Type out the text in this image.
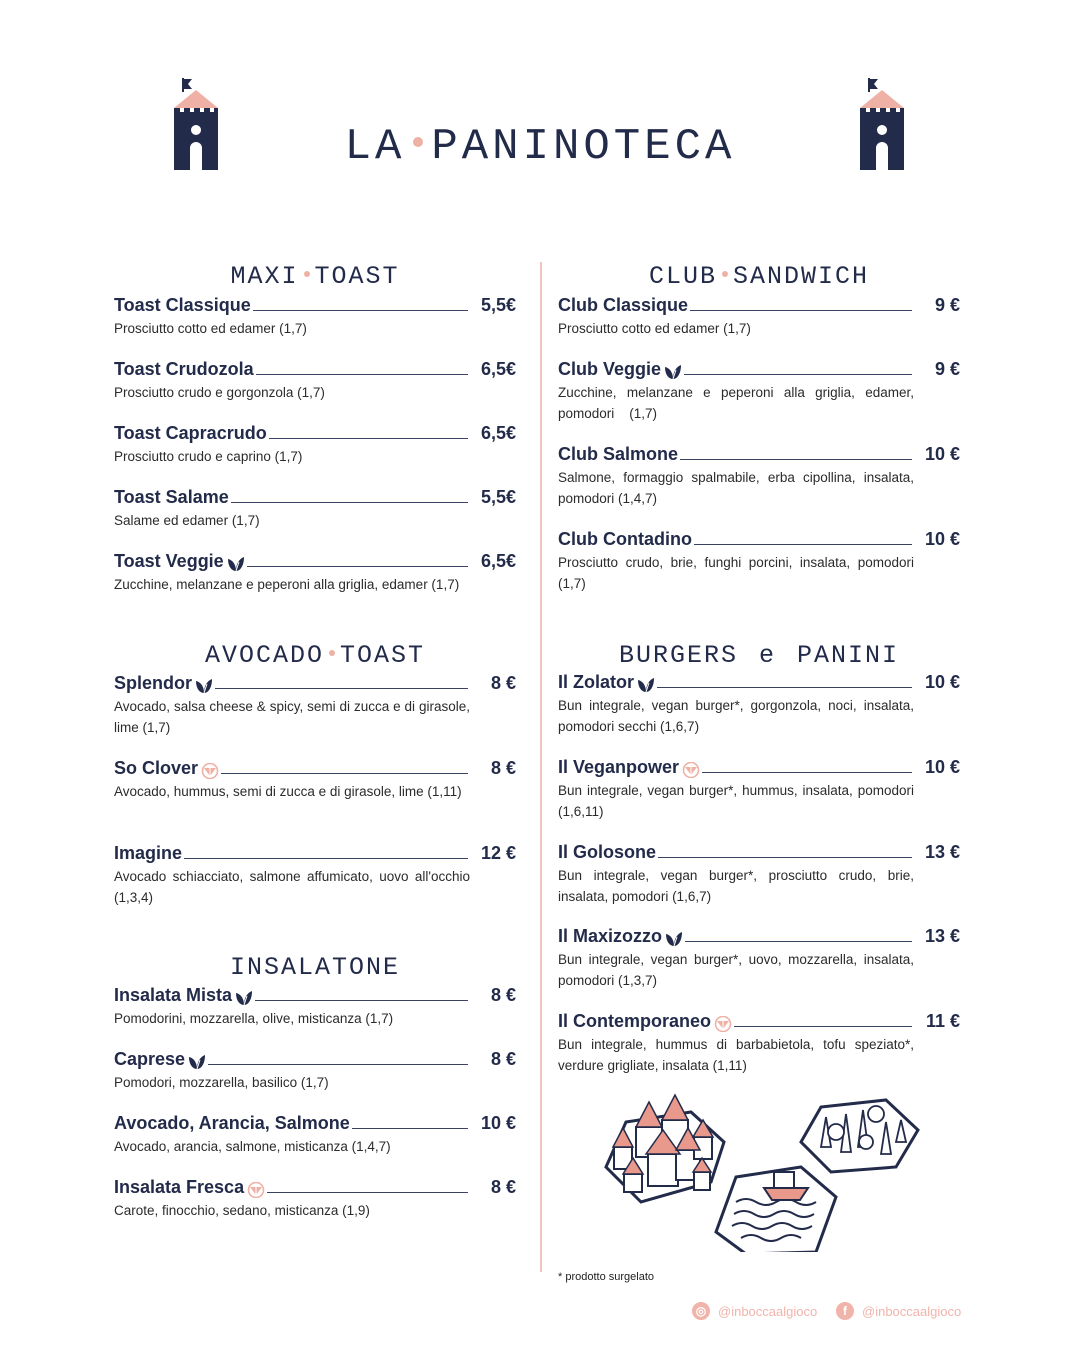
LA PANINOTECA
MAXI TOAST
Toast Classique	5,5€
Prosciutto cotto ed edamer (1,7)
Toast Crudozola	6,5€
Prosciutto crudo e gorgonzola (1,7)
Toast Capracrudo	6,5€
Prosciutto crudo e caprino (1,7)
Toast Salame	5,5€
Salame ed edamer (1,7)
Toast Veggie	6,5€
Zucchine, melanzane e peperoni alla griglia, edamer (1,7)
AVOCADO TOAST
Splendor	8 €
Avocado, salsa cheese & spicy, semi di zucca e di girasole, lime (1,7)
So Clover	8 €
Avocado, hummus, semi di zucca e di girasole, lime (1,11)
Imagine	12 €
Avocado schiacciato, salmone affumicato, uovo all'occhio (1,3,4)
INSALATONE
Insalata Mista	8 €
Pomodorini, mozzarella, olive, misticanza (1,7)
Caprese	8 €
Pomodori, mozzarella, basilico (1,7)
Avocado, Arancia, Salmone	10 €
Avocado, arancia, salmone, misticanza (1,4,7)
Insalata Fresca	8 €
Carote, finocchio, sedano, misticanza (1,9)
CLUB SANDWICH
Club Classique	9 €
Prosciutto cotto ed edamer (1,7)
Club Veggie	9 €
Zucchine, melanzane e peperoni alla griglia, edamer, pomodori    (1,7)
Club Salmone	10 €
Salmone, formaggio spalmabile, erba cipollina, insalata, pomodori (1,4,7)
Club Contadino	10 €
Prosciutto crudo, brie, funghi porcini, insalata, pomodori (1,7)
BURGERS e PANINI
Il Zolator	10 €
Bun integrale, vegan burger*, gorgonzola, noci, insalata, pomodori secchi (1,6,7)
Il Veganpower	10 €
Bun integrale, vegan burger*, hummus, insalata, pomodori (1,6,11)
Il Golosone	13 €
Bun integrale, vegan burger*, prosciutto crudo, brie, insalata, pomodori (1,6,7)
Il Maxizozzo	13 €
Bun integrale, vegan burger*, uovo, mozzarella, insalata, pomodori (1,3,7)
Il Contemporaneo	11 €
Bun integrale, hummus di barbabietola, tofu speziato*, verdure grigliate, insalata (1,11)
* prodotto surgelato
◎ @inboccaalgioco	f	@inboccaalgioco
